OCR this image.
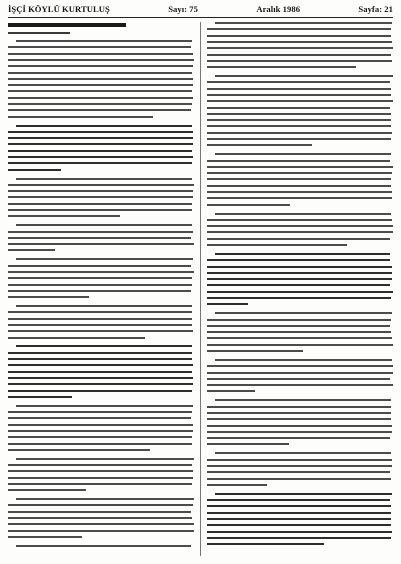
İŞÇİ KÖYLÜ KURTULUŞ	Sayı: 75	Aralık 1986	Sayfa: 21
